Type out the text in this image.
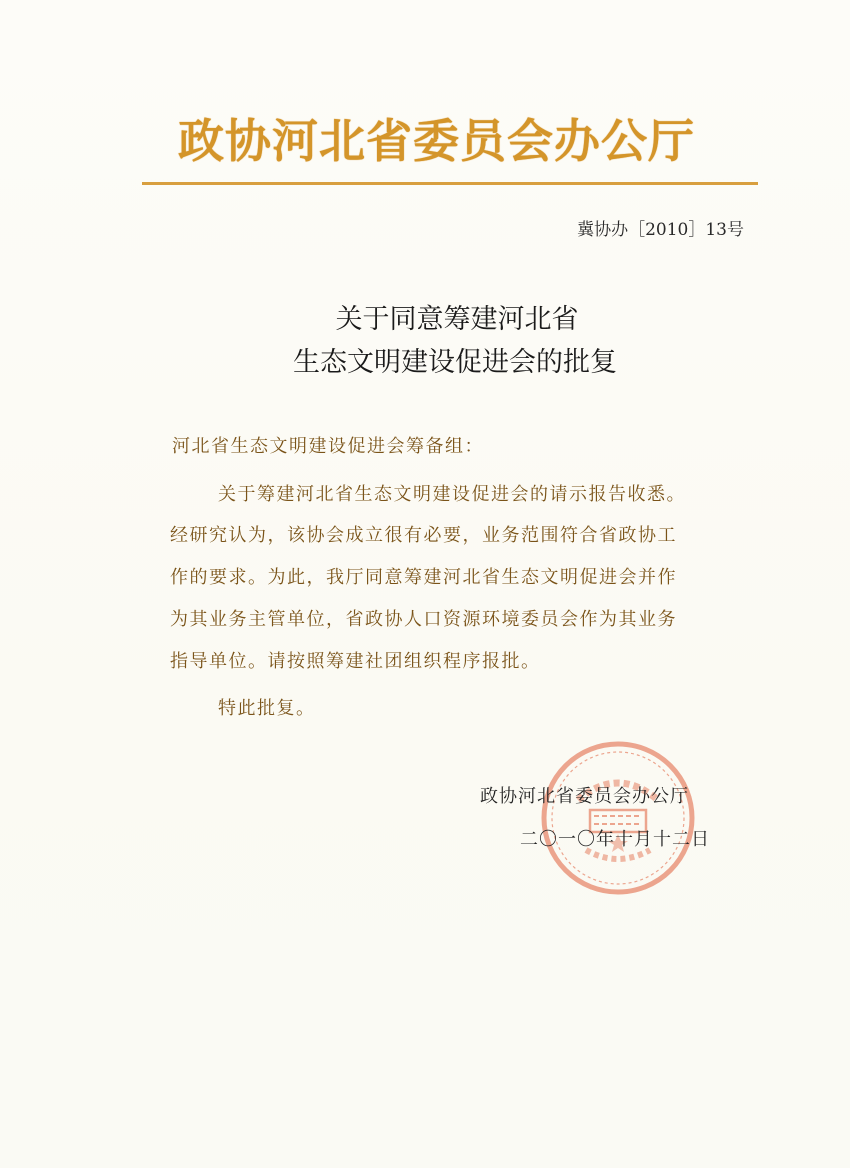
政协河北省委员会办公厅
冀协办［2010］13号
关于同意筹建河北省
生态文明建设促进会的批复
河北省生态文明建设促进会筹备组：
关于筹建河北省生态文明建设促进会的请示报告收悉。
经研究认为，该协会成立很有必要，业务范围符合省政协工
作的要求。为此，我厅同意筹建河北省生态文明促进会并作
为其业务主管单位，省政协人口资源环境委员会作为其业务
指导单位。请按照筹建社团组织程序报批。
特此批复。
政协河北省委员会办公厅
二〇一〇年十月十二日
